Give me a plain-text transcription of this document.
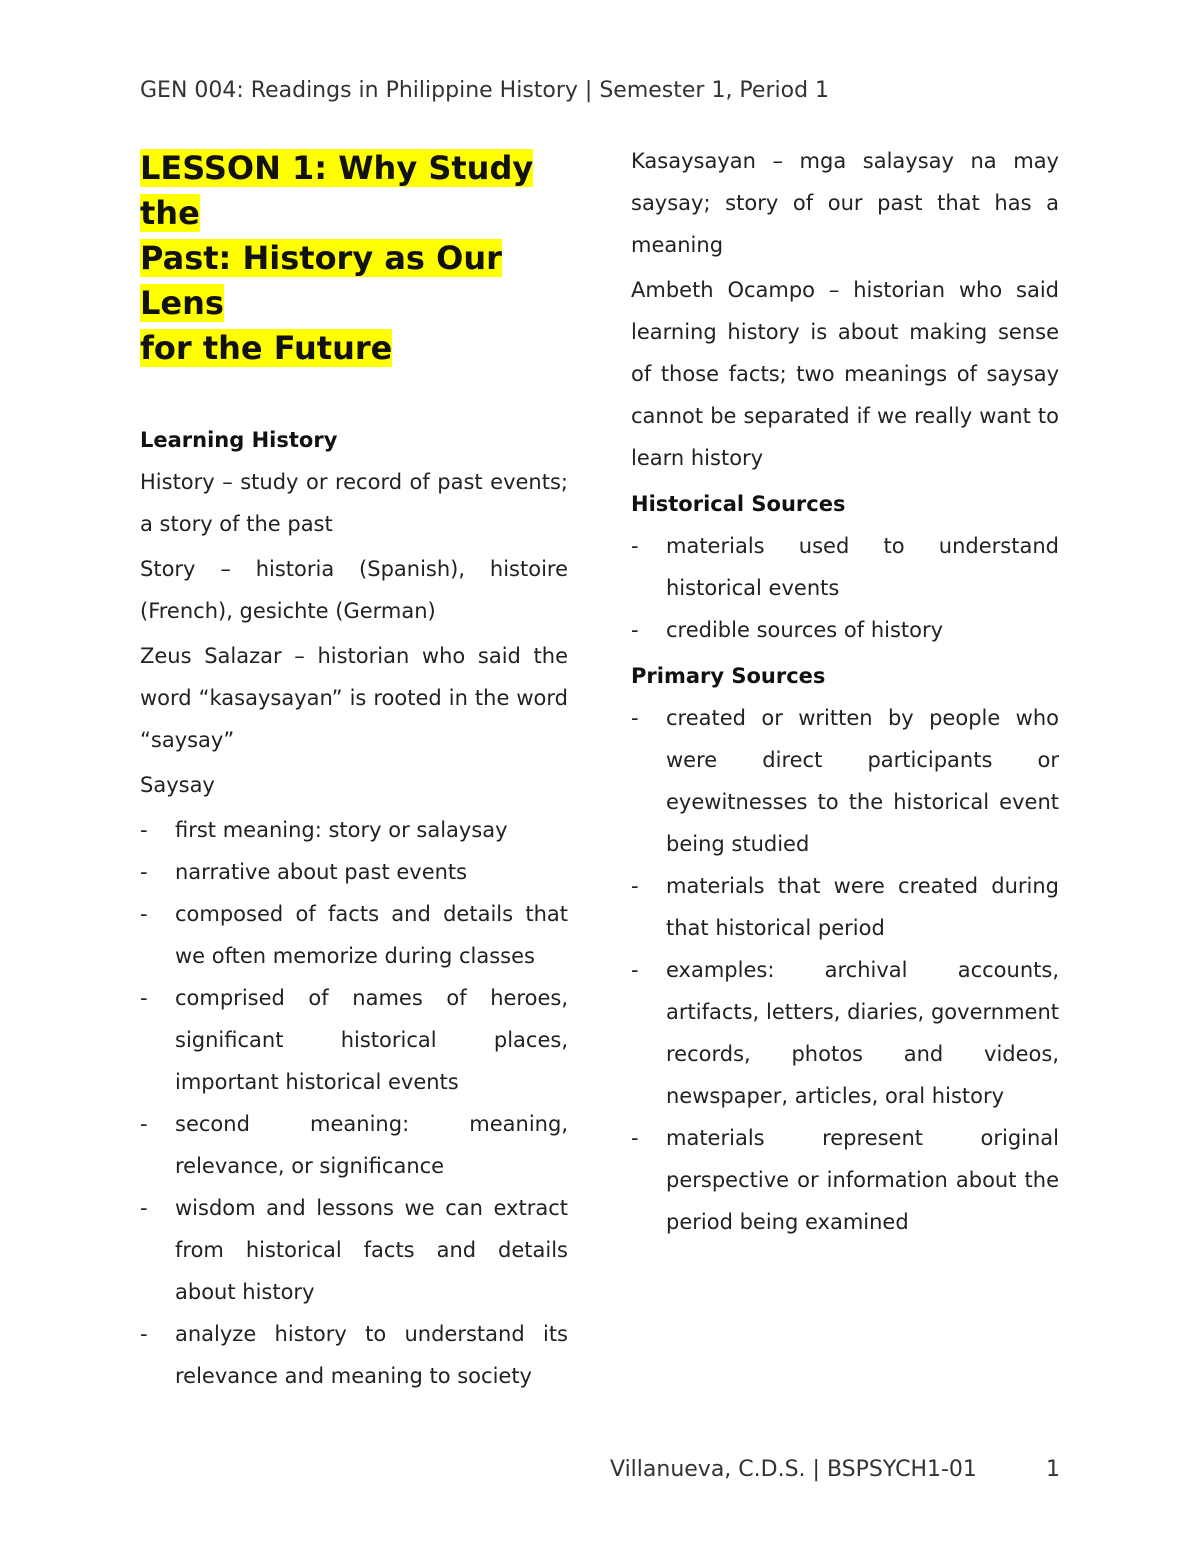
GEN 004: Readings in Philippine History | Semester 1, Period 1
LESSON 1: Why Study the
Past: History as Our Lens
for the Future
Learning History

History – study or record of past events; a story of the past

Story – historia (Spanish), histoire (French), gesichte (German)

Zeus Salazar – historian who said the word “kasaysayan” is rooted in the word “saysay”

Saysay

- first meaning: story or salaysay
- narrative about past events
- composed of facts and details that we often memorize during classes
- comprised of names of heroes, significant historical places, important historical events
- second meaning: meaning, relevance, or significance
- wisdom and lessons we can extract from historical facts and details about history
- analyze history to understand its relevance and meaning to society

Kasaysayan – mga salaysay na may saysay; story of our past that has a meaning

Ambeth Ocampo – historian who said learning history is about making sense of those facts; two meanings of saysay cannot be separated if we really want to learn history

Historical Sources
- materials used to understand historical events
- credible sources of history
Primary Sources
- created or written by people who were direct participants or eyewitnesses to the historical event being studied
- materials that were created during that historical period
- examples: archival accounts, artifacts, letters, diaries, government records, photos and videos, newspaper, articles, oral history
- materials represent original perspective or information about the period being examined
Villanueva, C.D.S. | BSPSYCH1-01	1
